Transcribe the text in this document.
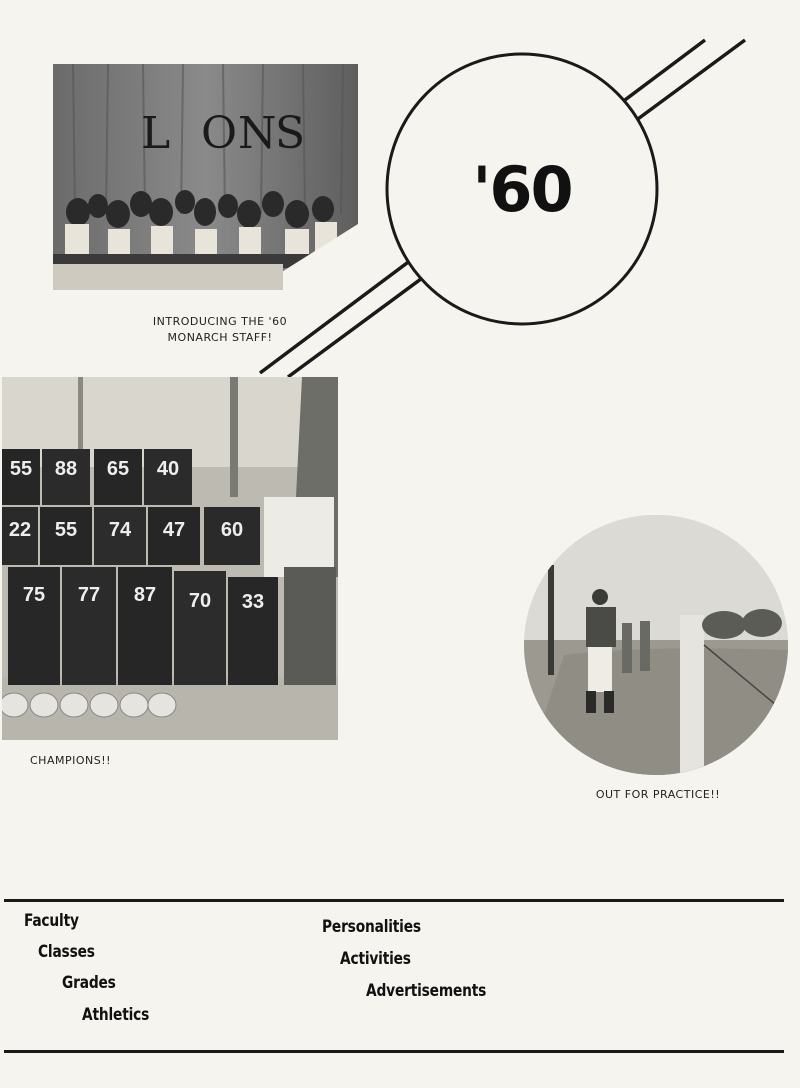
'60
L O N
S
INTRODUCING THE '60
MONARCH STAFF!
55	88	65	40
22	55	74	47	60
75	77	87	70	33
CHAMPIONS!!
OUT FOR PRACTICE!!
Faculty
Classes
Grades
Athletics
Personalities
Activities
Advertisements
